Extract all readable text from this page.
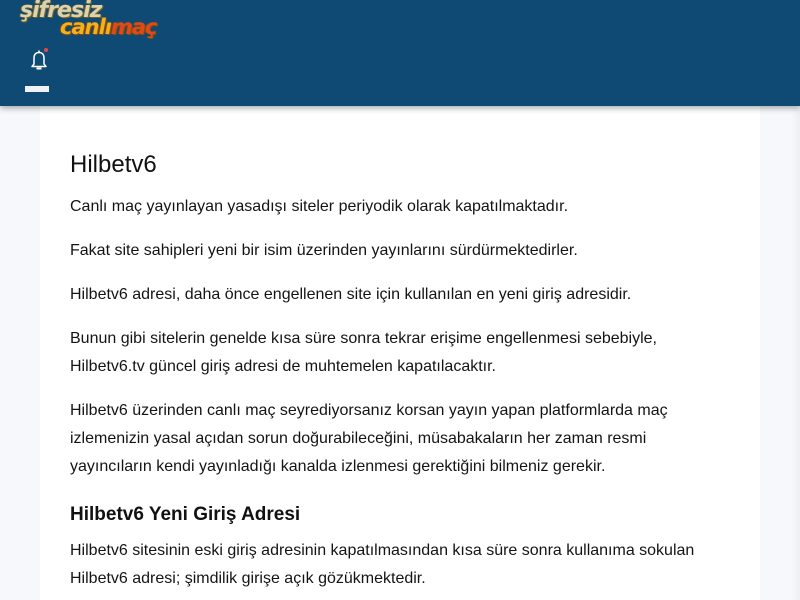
şifresiz
canlımaç
Hilbetv6

Canlı maç yayınlayan yasadışı siteler periyodik olarak kapatılmaktadır.

Fakat site sahipleri yeni bir isim üzerinden yayınlarını sürdürmektedirler.

Hilbetv6 adresi, daha önce engellenen site için kullanılan en yeni giriş adresidir.

Bunun gibi sitelerin genelde kısa süre sonra tekrar erişime engellenmesi sebebiyle, Hilbetv6.tv güncel giriş adresi de muhtemelen kapatılacaktır.

Hilbetv6 üzerinden canlı maç seyrediyorsanız korsan yayın yapan platformlarda maç izlemenizin yasal açıdan sorun doğurabileceğini, müsabakaların her zaman resmi yayıncıların kendi yayınladığı kanalda izlenmesi gerektiğini bilmeniz gerekir.

Hilbetv6 Yeni Giriş Adresi

Hilbetv6 sitesinin eski giriş adresinin kapatılmasından kısa süre sonra kullanıma sokulan Hilbetv6 adresi; şimdilik girişe açık gözükmektedir.
